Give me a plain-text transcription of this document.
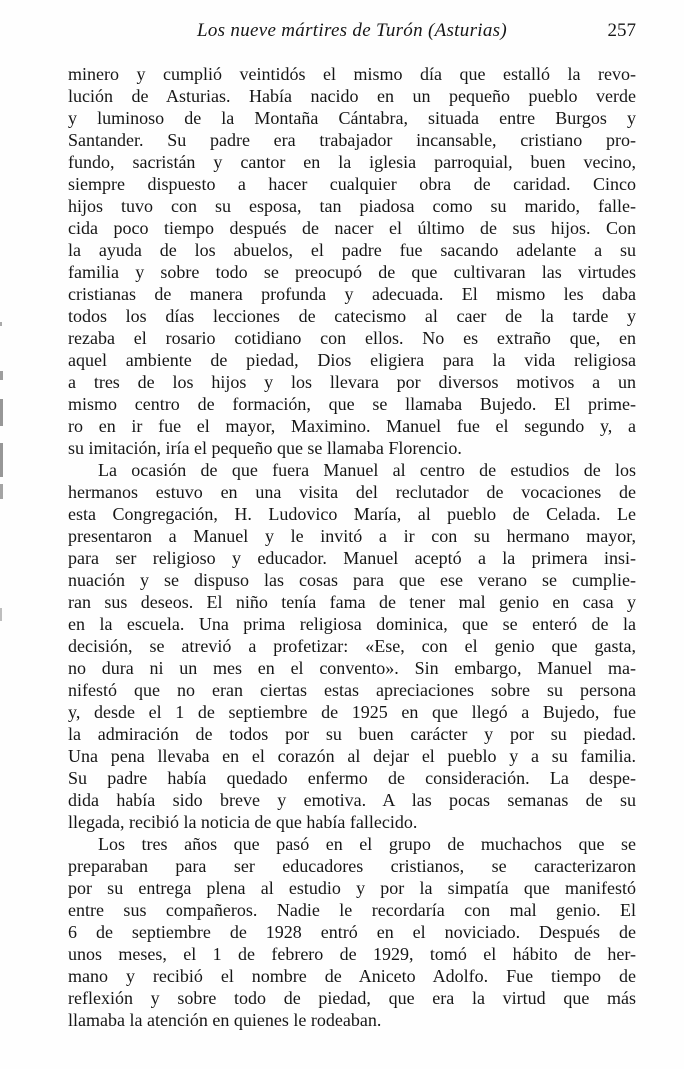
Los nueve mártires de Turón (Asturias)	257
minero y cumplió veintidós el mismo día que estalló la revo-
lución de Asturias. Había nacido en un pequeño pueblo verde
y luminoso de la Montaña Cántabra, situada entre Burgos y
Santander. Su padre era trabajador incansable, cristiano pro-
fundo, sacristán y cantor en la iglesia parroquial, buen vecino,
siempre dispuesto a hacer cualquier obra de caridad. Cinco
hijos tuvo con su esposa, tan piadosa como su marido, falle-
cida poco tiempo después de nacer el último de sus hijos. Con
la ayuda de los abuelos, el padre fue sacando adelante a su
familia y sobre todo se preocupó de que cultivaran las virtudes
cristianas de manera profunda y adecuada. El mismo les daba
todos los días lecciones de catecismo al caer de la tarde y
rezaba el rosario cotidiano con ellos. No es extraño que, en
aquel ambiente de piedad, Dios eligiera para la vida religiosa
a tres de los hijos y los llevara por diversos motivos a un
mismo centro de formación, que se llamaba Bujedo. El prime-
ro en ir fue el mayor, Maximino. Manuel fue el segundo y, a
su imitación, iría el pequeño que se llamaba Florencio.
La ocasión de que fuera Manuel al centro de estudios de los
hermanos estuvo en una visita del reclutador de vocaciones de
esta Congregación, H. Ludovico María, al pueblo de Celada. Le
presentaron a Manuel y le invitó a ir con su hermano mayor,
para ser religioso y educador. Manuel aceptó a la primera insi-
nuación y se dispuso las cosas para que ese verano se cumplie-
ran sus deseos. El niño tenía fama de tener mal genio en casa y
en la escuela. Una prima religiosa dominica, que se enteró de la
decisión, se atrevió a profetizar: «Ese, con el genio que gasta,
no dura ni un mes en el convento». Sin embargo, Manuel ma-
nifestó que no eran ciertas estas apreciaciones sobre su persona
y, desde el 1 de septiembre de 1925 en que llegó a Bujedo, fue
la admiración de todos por su buen carácter y por su piedad.
Una pena llevaba en el corazón al dejar el pueblo y a su familia.
Su padre había quedado enfermo de consideración. La despe-
dida había sido breve y emotiva. A las pocas semanas de su
llegada, recibió la noticia de que había fallecido.
Los tres años que pasó en el grupo de muchachos que se
preparaban para ser educadores cristianos, se caracterizaron
por su entrega plena al estudio y por la simpatía que manifestó
entre sus compañeros. Nadie le recordaría con mal genio. El
6 de septiembre de 1928 entró en el noviciado. Después de
unos meses, el 1 de febrero de 1929, tomó el hábito de her-
mano y recibió el nombre de Aniceto Adolfo. Fue tiempo de
reflexión y sobre todo de piedad, que era la virtud que más
llamaba la atención en quienes le rodeaban.
